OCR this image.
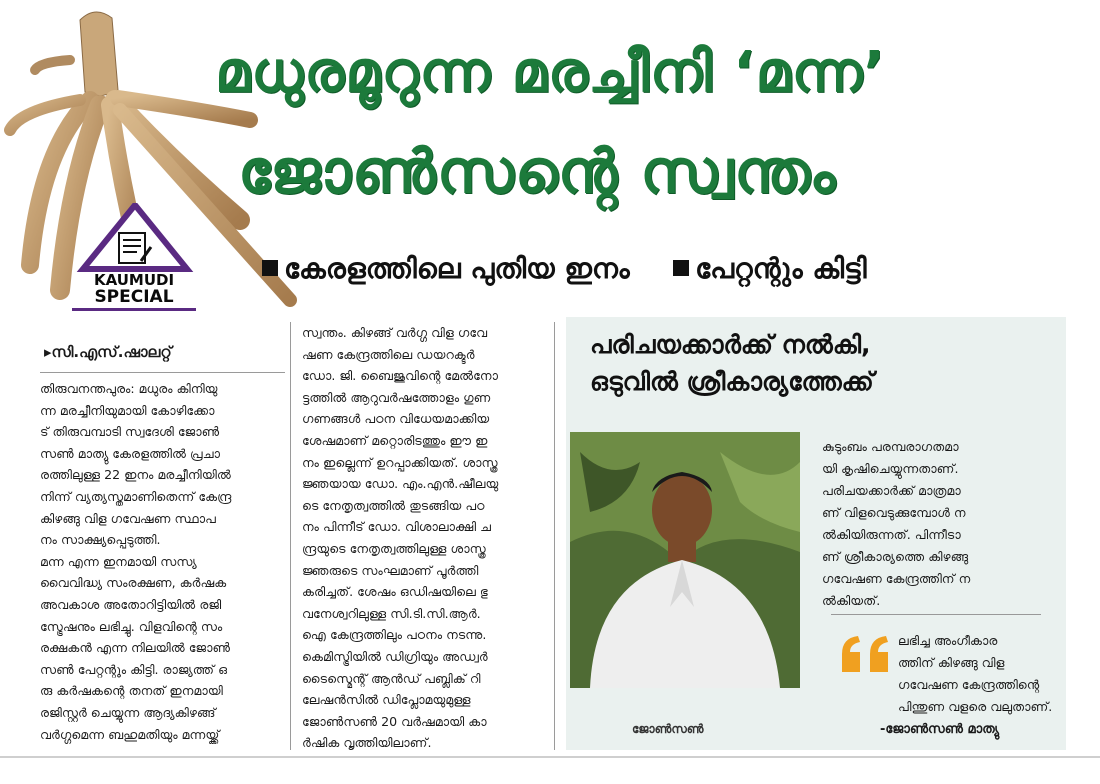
KAUMUDI
SPECIAL
മധുരമൂറുന്ന മരച്ചീനി ‘മന്ന’
ജോൺസന്റെ സ്വന്തം
കേരളത്തിലെ പുതിയ ഇനം പേറ്റന്റും കിട്ടി
▸സി.എസ്.ഷാലറ്റ്

തിരുവനന്തപുരം: മധുരം കിനിയു

ന്ന മരച്ചീനിയുമായി കോഴിക്കോ

ട് തിരുവമ്പാടി സ്വദേശി ജോൺ

സൺ മാത്യു കേരളത്തിൽ പ്രചാ

രത്തിലുള്ള 22 ഇനം മരച്ചീനിയിൽ

നിന്ന് വ്യത്യസ്തമാണിതെന്ന് കേന്ദ്ര

കിഴങ്ങു വിള ഗവേഷണ സ്ഥാപ

നം സാക്ഷ്യപ്പെടുത്തി.

മന്ന എന്ന ഇനമായി സസ്യ

വൈവിദ്ധ്യ സംരക്ഷണ, കർഷക

അവകാശ അതോറിട്ടിയിൽ രജി

സ്ട്രേഷനും ലഭിച്ചു. വിളവിന്റെ സം

രക്ഷകൻ എന്ന നിലയിൽ ജോൺ

സൺ പേറ്റന്റും കിട്ടി. രാജ്യത്ത് ഒ

രു കർഷകന്റെ തനത് ഇനമായി

രജിസ്റ്റർ ചെയ്യുന്ന ആദ്യകിഴങ്ങ്

വർഗ്ഗമെന്ന ബഹുമതിയും മന്നയ്ക്ക്

സ്വന്തം. കിഴങ്ങ് വർഗ്ഗ വിള ഗവേ

ഷണ കേന്ദ്രത്തിലെ ഡയറക്ടർ

ഡോ. ജി. ബൈജുവിന്റെ മേൽനോ

ട്ടത്തിൽ ആറുവർഷത്തോളം ഗുണ

ഗണങ്ങൾ പഠന വിധേയമാക്കിയ

ശേഷമാണ് മറ്റൊരിടത്തും ഈ ഇ

നം ഇല്ലെന്ന് ഉറപ്പാക്കിയത്. ശാസ്ത്ര

ജ്ഞയായ ഡോ. എം.എൻ.ഷീലയു

ടെ നേതൃത്വത്തിൽ തുടങ്ങിയ പഠ

നം പിന്നീട് ഡോ. വിശാലാക്ഷി ച

ന്ദ്രയുടെ നേതൃത്വത്തിലുള്ള ശാസ്ത്ര

ജ്ഞരുടെ സംഘമാണ് പൂർത്തി

കരിച്ചത്. ശേഷം ഒഡിഷയിലെ ഭു

വനേശ്വറിലുള്ള സി.ടി.സി.ആർ.

ഐ കേന്ദ്രത്തിലും പഠനം നടന്നു.

കെമിസ്ട്രിയിൽ ഡിഗ്രിയും അഡ്വർ

ടൈസ്മെന്റ് ആൻഡ് പബ്ലിക് റി

ലേഷൻസിൽ ഡിപ്ലോമയുമുള്ള

ജോൺസൺ 20 വർഷമായി കാ

ർഷിക വൃത്തിയിലാണ്.

പരിചയക്കാർക്ക് നൽകി,
ഒടുവിൽ ശ്രീകാര്യത്തേക്ക്
ജോൺസൺ

കുടുംബം പരമ്പരാഗതമാ

യി കൃഷിചെയ്യുന്നതാണ്.

പരിചയക്കാർക്ക് മാത്രമാ

ണ് വിളവെടുക്കുമ്പോൾ ന

ൽകിയിരുന്നത്. പിന്നീടാ

ണ് ശ്രീകാര്യത്തെ കിഴങ്ങു

ഗവേഷണ കേന്ദ്രത്തിന് ന

ൽകിയത്.

ലഭിച്ച അംഗീകാര

ത്തിന് കിഴങ്ങു വിള

ഗവേഷണ കേന്ദ്രത്തിന്റെ

പിന്തുണ വളരെ വലുതാണ്.

-ജോൺസൺ മാത്യു
